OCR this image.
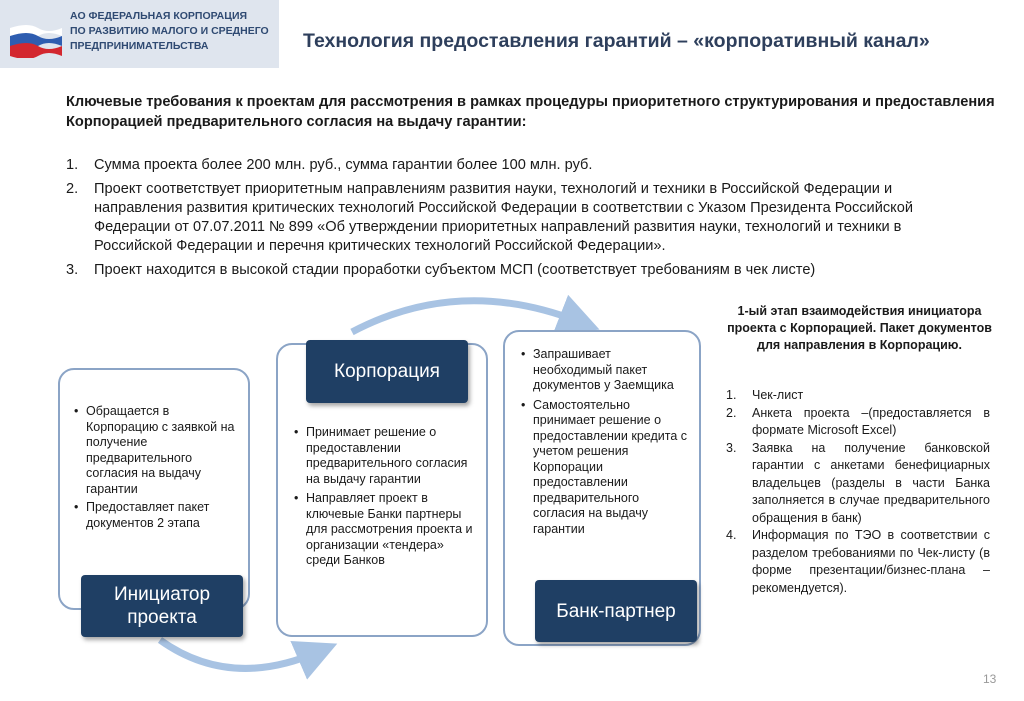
АО ФЕДЕРАЛЬНАЯ КОРПОРАЦИЯ
ПО РАЗВИТИЮ МАЛОГО И СРЕДНЕГО
ПРЕДПРИНИМАТЕЛЬСТВА	Технология предоставления гарантий – «корпоративный канал»
Ключевые требования к проектам для рассмотрения в рамках процедуры приоритетного структурирования и предоставления Корпорацией предварительного согласия на выдачу гарантии:
1. Сумма проекта более 200 млн. руб., сумма гарантии более 100 млн. руб.
2. Проект соответствует приоритетным направлениям развития науки, технологий и техники в Российской Федерации и направления развития критических технологий Российской Федерации в соответствии с Указом Президента Российской Федерации от 07.07.2011 № 899 «Об утверждении приоритетных направлений развития науки, технологий и техники в Российской Федерации и перечня критических технологий Российской Федерации».
3. Проект находится в высокой стадии проработки субъектом МСП (соответствует требованиям в чек листе)
• Обращается в Корпорацию с заявкой на получение предварительного согласия на выдачу гарантии
• Предоставляет пакет документов 2 этапа
Инициатор проекта
• Принимает решение о предоставлении предварительного согласия на выдачу гарантии
• Направляет проект в ключевые Банки партнеры для рассмотрения проекта и организации «тендера» среди Банков
Корпорация
• Запрашивает необходимый пакет документов у Заемщика
• Самостоятельно принимает решение о предоставлении кредита с учетом решения Корпорации предоставлении предварительного согласия на выдачу гарантии
Банк-партнер
1-ый этап взаимодействия инициатора проекта с Корпорацией. Пакет документов для направления в Корпорацию.
1. Чек-лист
2. Анкета проекта –(предоставляется в формате Microsoft Excel)
3. Заявка на получение банковской гарантии с анкетами бенефициарных владельцев (разделы в части Банка заполняется в случае предварительного обращения в банк)
4. Информация по ТЭО в соответствии с разделом требованиями по Чек-листу (в форме презентации/бизнес-плана – рекомендуется).
13
